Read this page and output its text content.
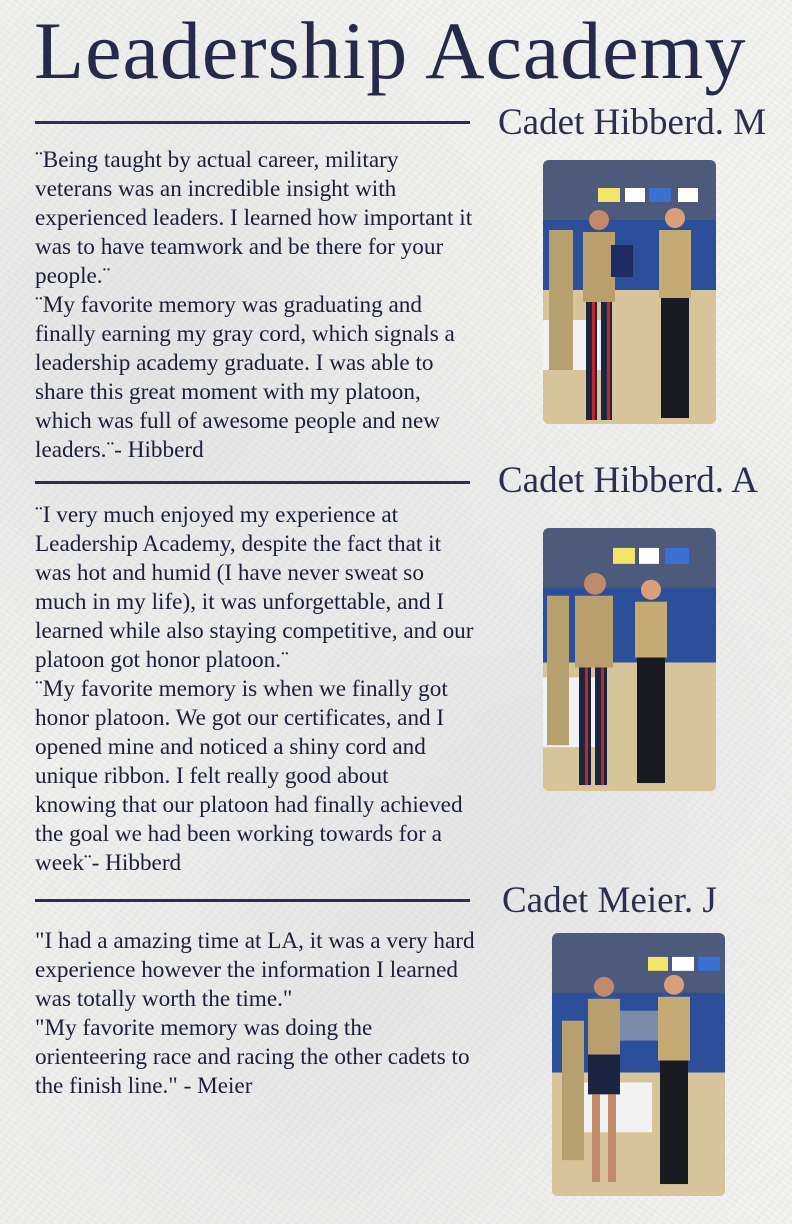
Leadership Academy
Cadet Hibberd. M

¨Being taught by actual career, military veterans was an incredible insight with experienced leaders. I learned how important it was to have teamwork and be there for your people.¨

¨My favorite memory was graduating and finally earning my gray cord, which signals a leadership academy graduate. I was able to share this great moment with my platoon, which was full of awesome people and new leaders.¨- Hibberd

Cadet Hibberd. A

¨I very much enjoyed my experience at Leadership Academy, despite the fact that it was hot and humid (I have never sweat so much in my life), it was unforgettable, and I learned while also staying competitive, and our platoon got honor platoon.¨

¨My favorite memory is when we finally got honor platoon. We got our certificates, and I opened mine and noticed a shiny cord and unique ribbon. I felt really good about knowing that our platoon had finally achieved the goal we had been working towards for a week¨- Hibberd

Cadet Meier. J

"I had a amazing time at LA, it was a very hard experience however the information I learned was totally worth the time."

"My favorite memory was doing the orienteering race and racing the other cadets to the finish line." - Meier
